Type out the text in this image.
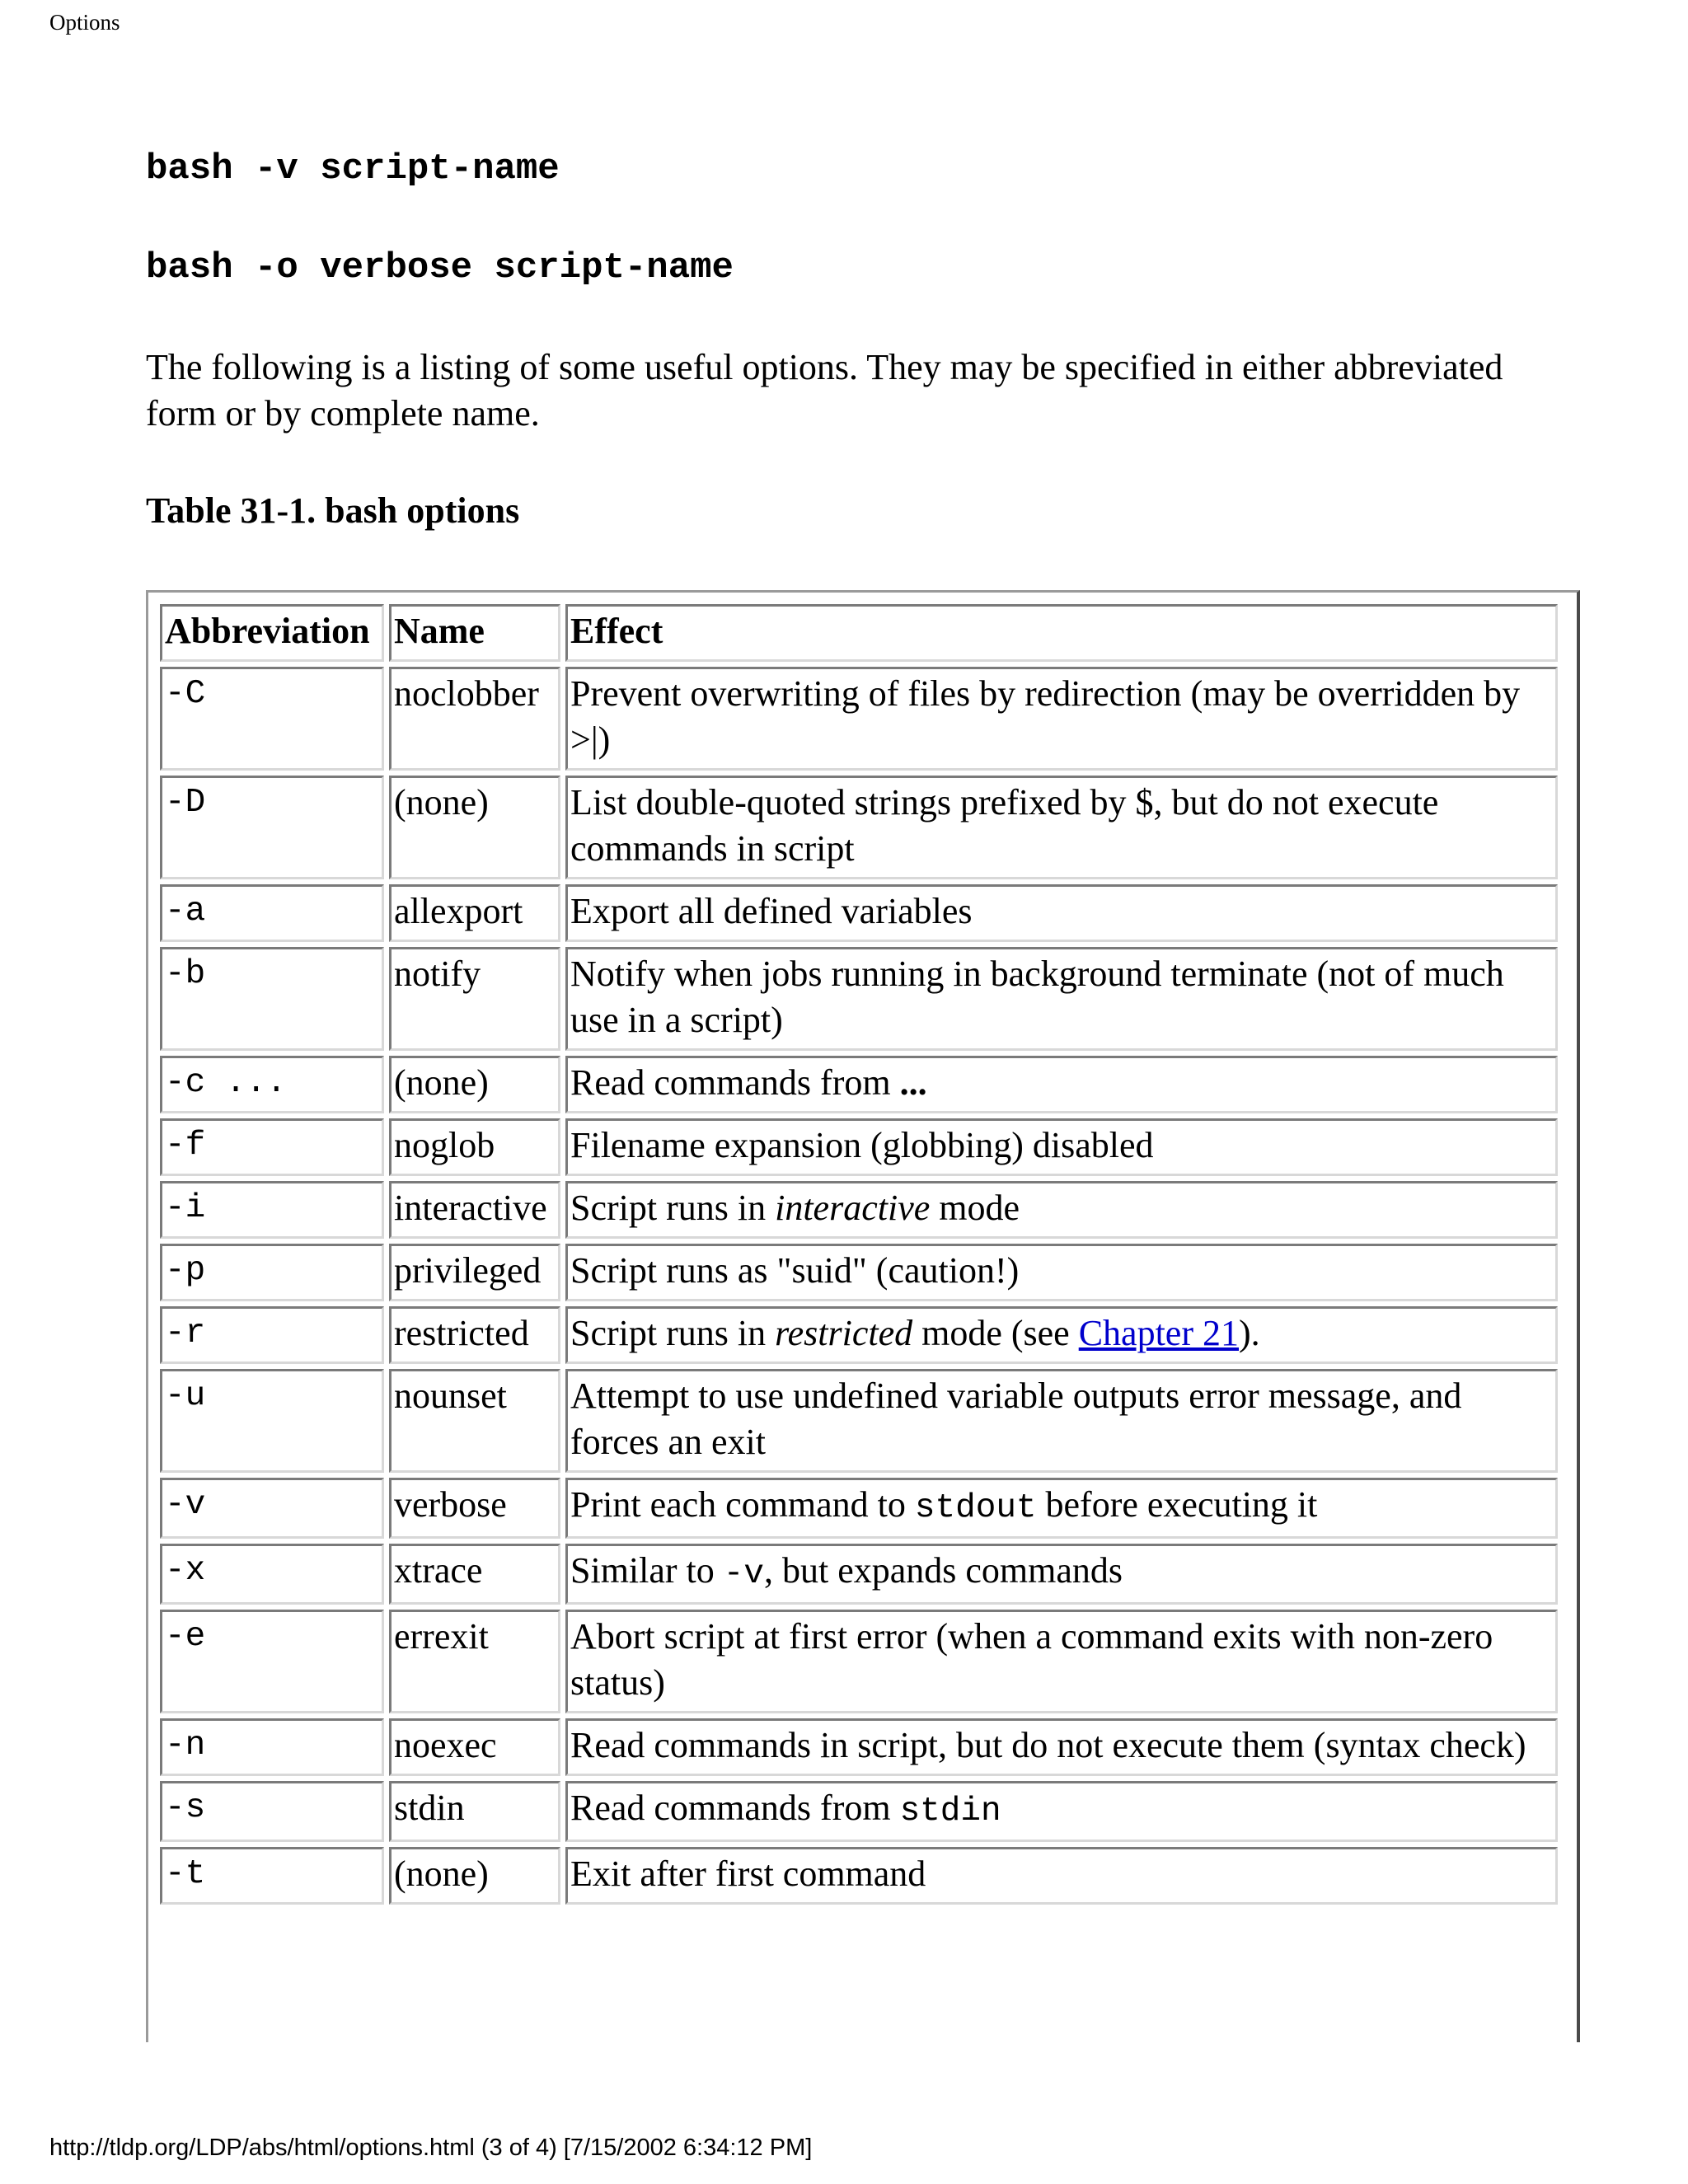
Options
bash -v script-name
bash -o verbose script-name
The following is a listing of some useful options. They may be specified in either abbreviated form or by complete name.
Table 31-1. bash options
Abbreviation	Name	Effect
-C	noclobber	Prevent overwriting of files by redirection (may be overridden by >|)
-D	(none)	List double-quoted strings prefixed by $, but do not execute commands in script
-a	allexport	Export all defined variables
-b	notify	Notify when jobs running in background terminate (not of much use in a script)
-c ...	(none)	Read commands from ...
-f	noglob	Filename expansion (globbing) disabled
-i	interactive	Script runs in interactive mode
-p	privileged	Script runs as "suid" (caution!)
-r	restricted	Script runs in restricted mode (see Chapter 21).
-u	nounset	Attempt to use undefined variable outputs error message, and forces an exit
-v	verbose	Print each command to stdout before executing it
-x	xtrace	Similar to -v, but expands commands
-e	errexit	Abort script at first error (when a command exits with non-zero status)
-n	noexec	Read commands in script, but do not execute them (syntax check)
-s	stdin	Read commands from stdin
-t	(none)	Exit after first command
http://tldp.org/LDP/abs/html/options.html (3 of 4) [7/15/2002 6:34:12 PM]
